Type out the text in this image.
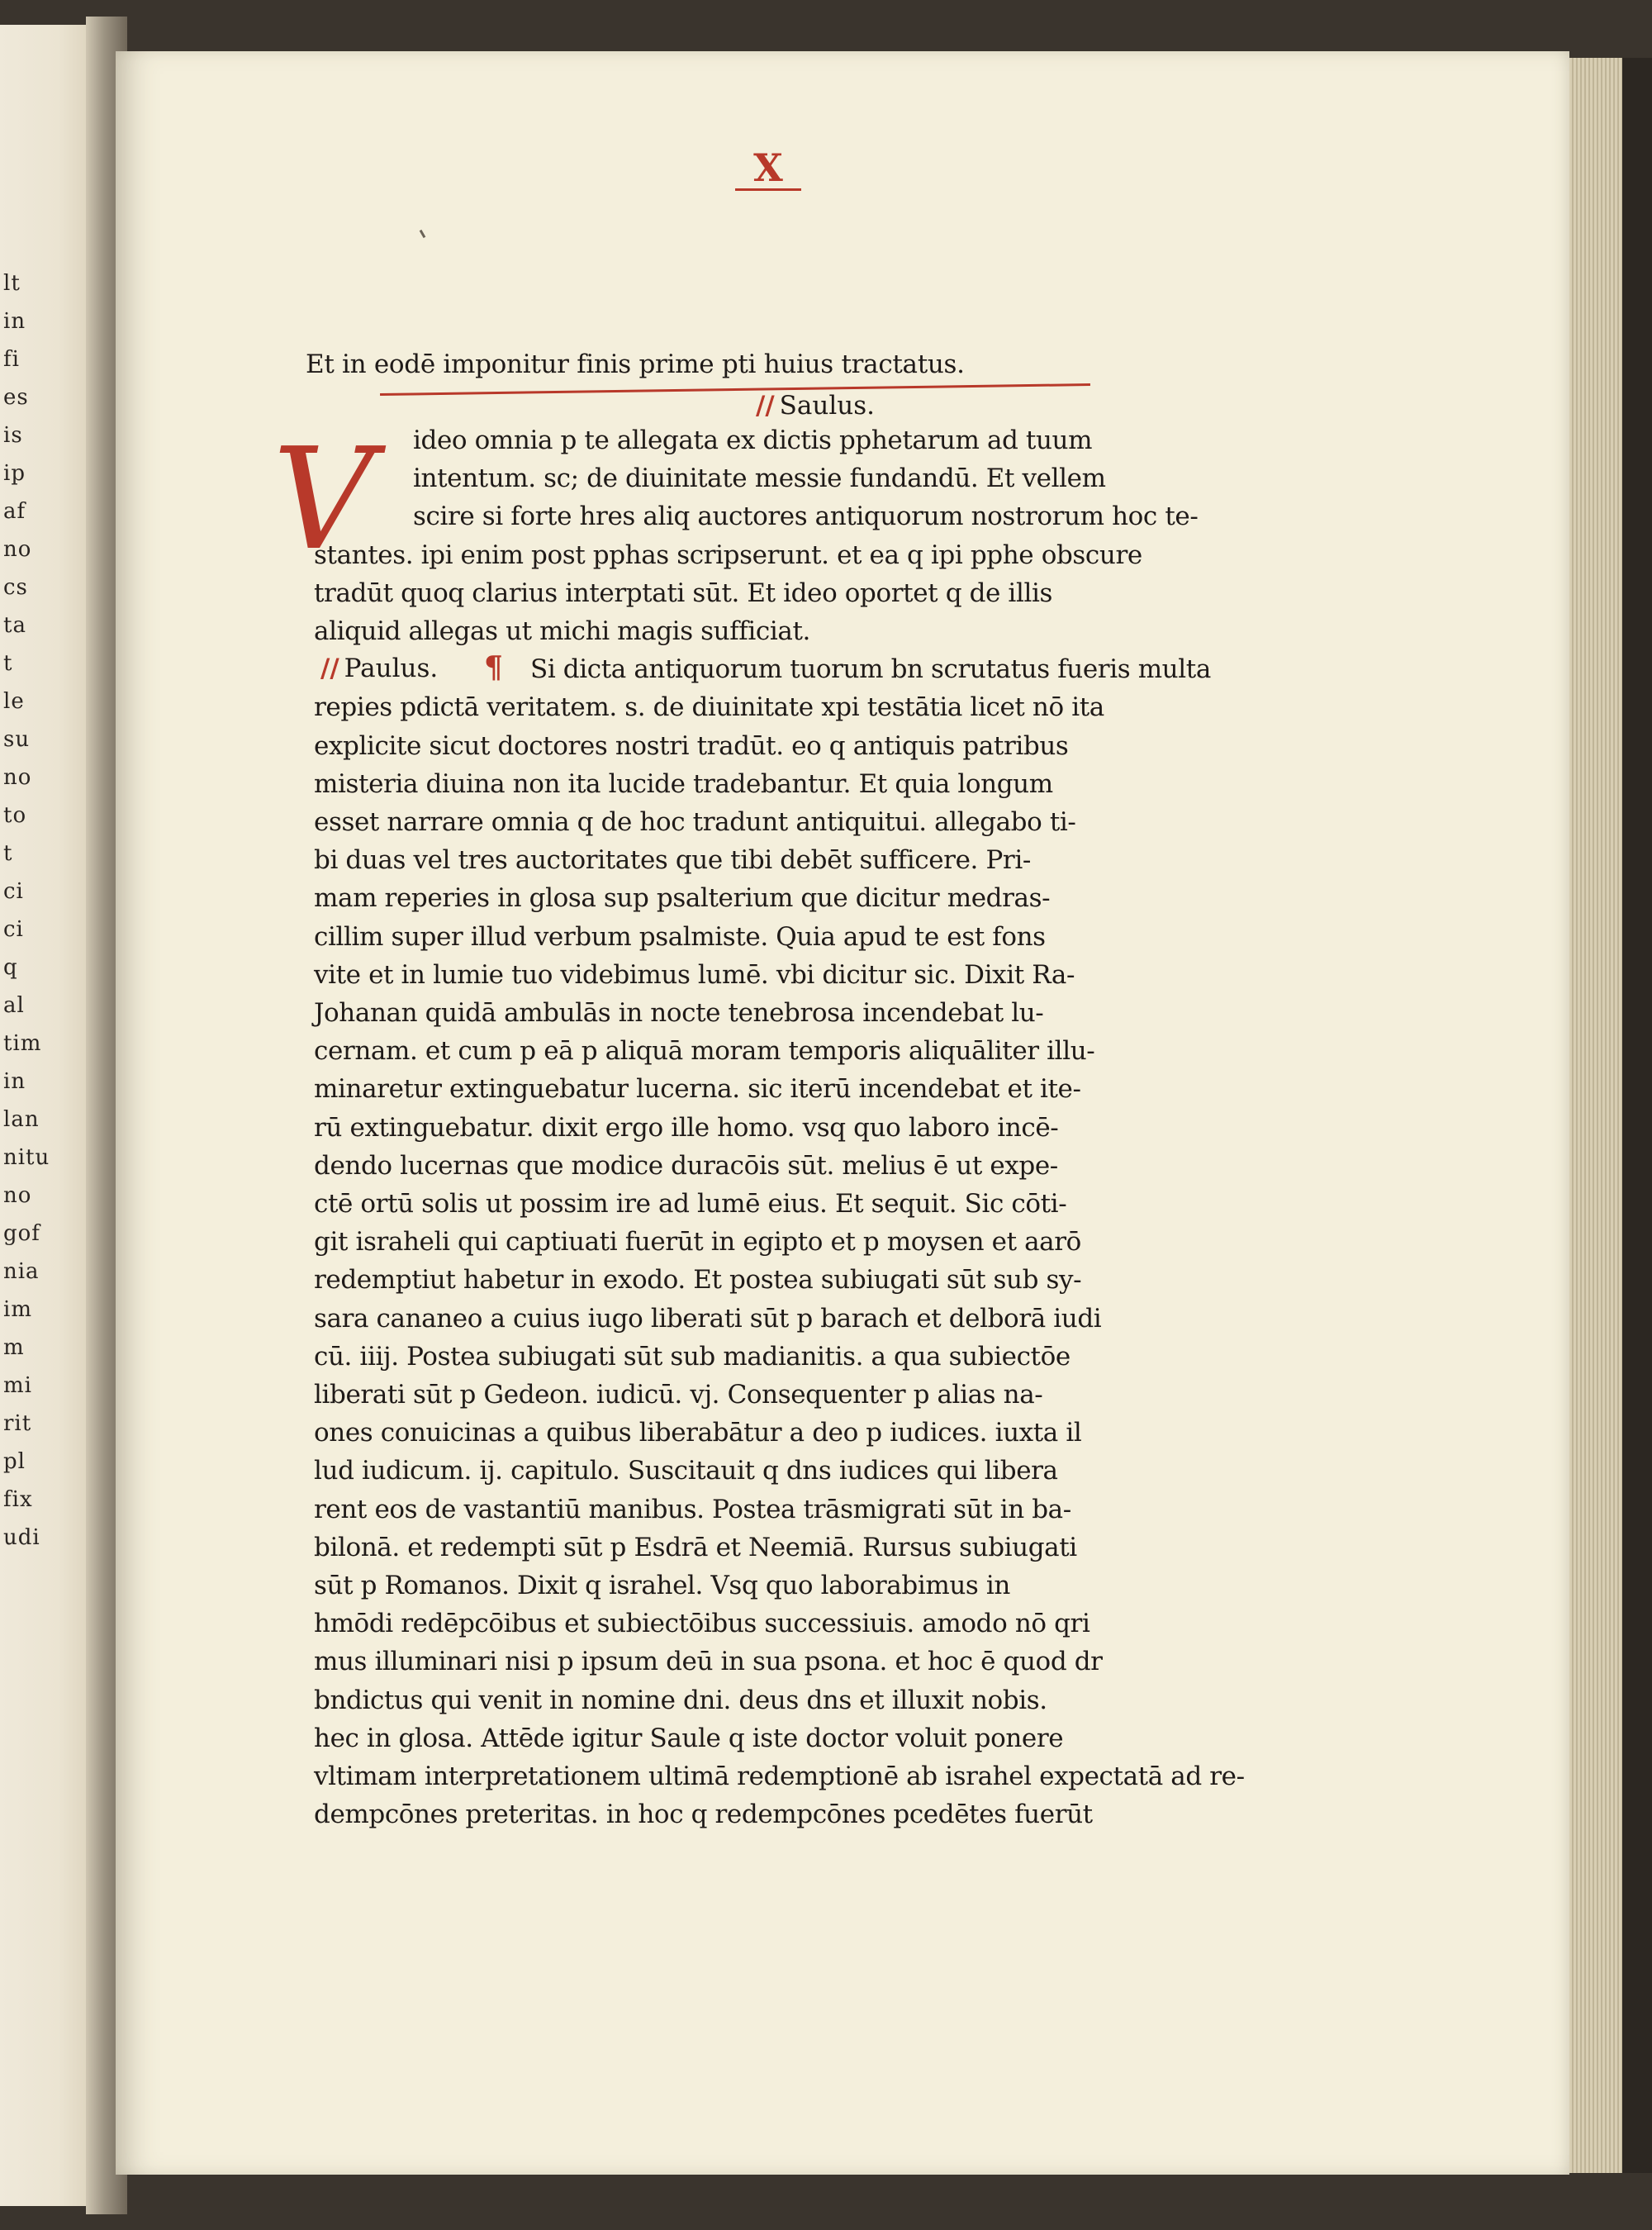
lt
in
fi
es
is
ip
af
no
cs
ta
t
le
su
no
to
t
ci
ci
q
al
tim
in
lan
nitu
no
gof
nia
im
m
mi
rit
pl
fix
udi
X
Et in eodē imponitur finis prime pti huius tractatus.
// Saulus.
V
// Paulus. ¶
ideo omnia p te allegata ex dictis pphetarum ad tuum
intentum. sc; de diuinitate messie fundandū. Et vellem
scire si forte hres aliq auctores antiquorum nostrorum hoc te-
stantes. ipi enim post pphas scripserunt. et ea q ipi pphe obscure
tradūt quoq clarius interptati sūt. Et ideo oportet q de illis
aliquid allegas ut michi magis sufficiat.
Si dicta antiquorum tuorum bn scrutatus fueris multa
repies pdictā veritatem. s. de diuinitate xpi testātia licet nō ita
explicite sicut doctores nostri tradūt. eo q antiquis patribus
misteria diuina non ita lucide tradebantur. Et quia longum
esset narrare omnia q de hoc tradunt antiquitui. allegabo ti-
bi duas vel tres auctoritates que tibi debēt sufficere. Pri-
mam reperies in glosa sup psalterium que dicitur medras-
cillim super illud verbum psalmiste. Quia apud te est fons
vite et in lumie tuo videbimus lumē. vbi dicitur sic. Dixit Ra-
Johanan quidā ambulās in nocte tenebrosa incendebat lu-
cernam. et cum p eā p aliquā moram temporis aliquāliter illu-
minaretur extinguebatur lucerna. sic iterū incendebat et ite-
rū extinguebatur. dixit ergo ille homo. vsq quo laboro incē-
dendo lucernas que modice duracōis sūt. melius ē ut expe-
ctē ortū solis ut possim ire ad lumē eius. Et sequit. Sic cōti-
git israheli qui captiuati fuerūt in egipto et p moysen et aarō
redemptiut habetur in exodo. Et postea subiugati sūt sub sy-
sara cananeo a cuius iugo liberati sūt p barach et delborā iudi
cū. iiij. Postea subiugati sūt sub madianitis. a qua subiectōe
liberati sūt p Gedeon. iudicū. vj. Consequenter p alias na-
ones conuicinas a quibus liberabātur a deo p iudices. iuxta il
lud iudicum. ij. capitulo. Suscitauit q dns iudices qui libera
rent eos de vastantiū manibus. Postea trāsmigrati sūt in ba-
bilonā. et redempti sūt p Esdrā et Neemiā. Rursus subiugati
sūt p Romanos. Dixit q israhel. Vsq quo laborabimus in
hmōdi redēpcōibus et subiectōibus successiuis. amodo nō qri
mus illuminari nisi p ipsum deū in sua psona. et hoc ē quod dr
bndictus qui venit in nomine dni. deus dns et illuxit nobis.
hec in glosa. Attēde igitur Saule q iste doctor voluit ponere
vltimam interpretationem ultimā redemptionē ab israhel expectatā ad re-
dempcōnes preteritas. in hoc q redempcōnes pcedētes fuerūt
